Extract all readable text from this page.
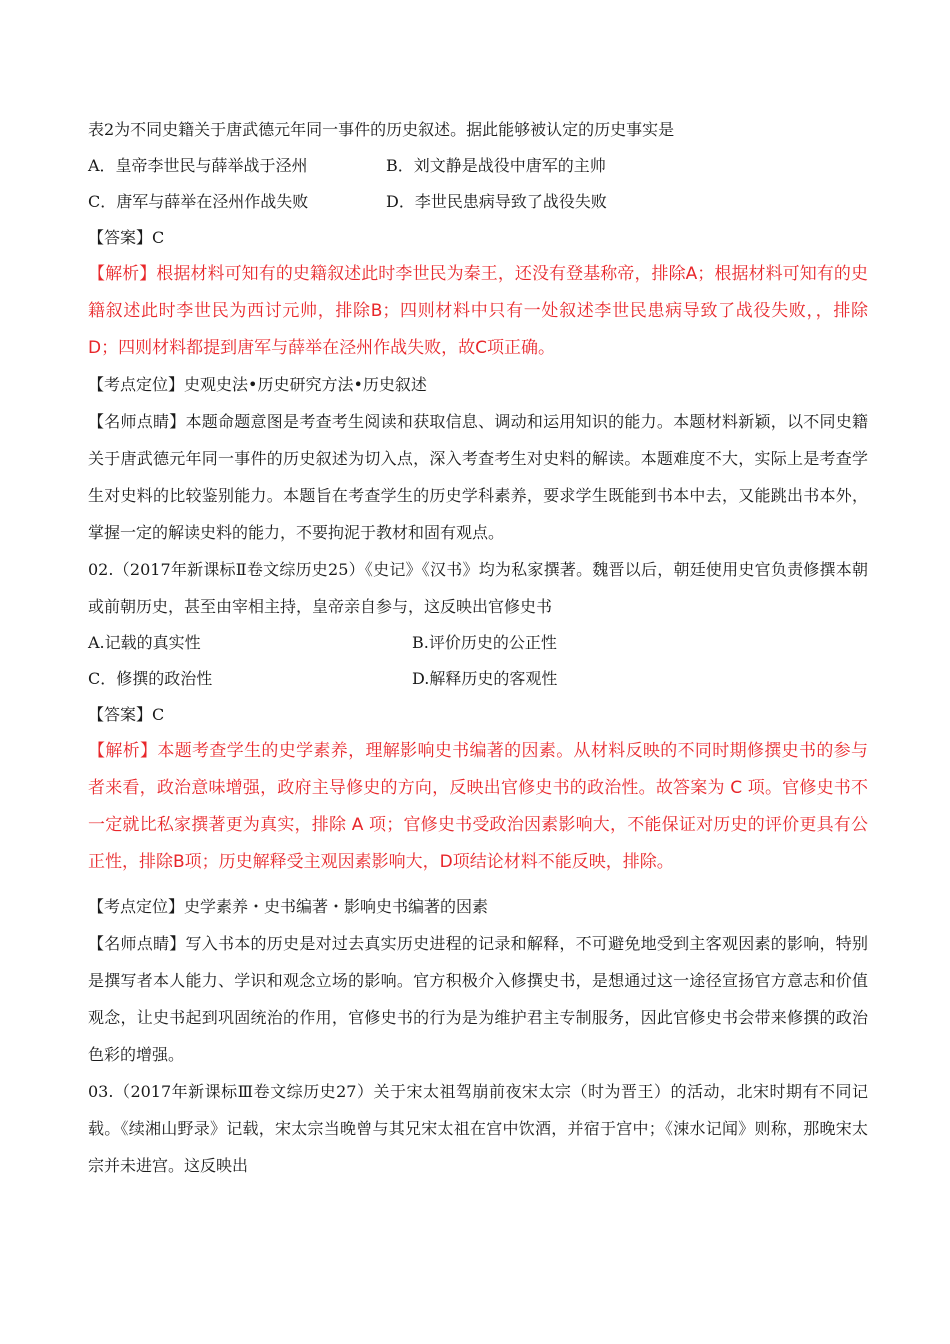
表2为不同史籍关于唐武德元年同一事件的历史叙述。据此能够被认定的历史事实是
A．皇帝李世民与薛举战于泾州	B．刘文静是战役中唐军的主帅
C．唐军与薛举在泾州作战失败	D．李世民患病导致了战役失败
【答案】C
【解析】根据材料可知有的史籍叙述此时李世民为秦王，还没有登基称帝，排除A；根据材料可知有的史籍叙述此时李世民为西讨元帅，排除B；四则材料中只有一处叙述李世民患病导致了战役失败，，排除D；四则材料都提到唐军与薛举在泾州作战失败，故C项正确。
【考点定位】史观史法•历史研究方法•历史叙述
【名师点睛】本题命题意图是考查考生阅读和获取信息、调动和运用知识的能力。本题材料新颖，以不同史籍关于唐武德元年同一事件的历史叙述为切入点，深入考查考生对史料的解读。本题难度不大，实际上是考查学生对史料的比较鉴别能力。本题旨在考查学生的历史学科素养，要求学生既能到书本中去，又能跳出书本外，掌握一定的解读史料的能力，不要拘泥于教材和固有观点。
02.（2017年新课标Ⅱ卷文综历史25）《史记》《汉书》均为私家撰著。魏晋以后，朝廷使用史官负责修撰本朝或前朝历史，甚至由宰相主持，皇帝亲自参与，这反映出官修史书
A.记载的真实性	B.评价历史的公正性
C．修撰的政治性	D.解释历史的客观性
【答案】C
【解析】本题考查学生的史学素养，理解影响史书编著的因素。从材料反映的不同时期修撰史书的参与者来看，政治意味增强，政府主导修史的方向，反映出官修史书的政治性。故答案为 C 项。官修史书不一定就比私家撰著更为真实，排除 A 项；官修史书受政治因素影响大，不能保证对历史的评价更具有公正性，排除B项；历史解释受主观因素影响大，D项结论材料不能反映，排除。
【考点定位】史学素养・史书编著・影响史书编著的因素
【名师点睛】写入书本的历史是对过去真实历史进程的记录和解释，不可避免地受到主客观因素的影响，特别是撰写者本人能力、学识和观念立场的影响。官方积极介入修撰史书，是想通过这一途径宣扬官方意志和价值观念，让史书起到巩固统治的作用，官修史书的行为是为维护君主专制服务，因此官修史书会带来修撰的政治色彩的增强。
03.（2017年新课标Ⅲ卷文综历史27）关于宋太祖驾崩前夜宋太宗（时为晋王）的活动，北宋时期有不同记载。《续湘山野录》记载，宋太宗当晚曾与其兄宋太祖在宫中饮酒，并宿于宫中；《涑水记闻》则称，那晚宋太宗并未进宫。这反映出
